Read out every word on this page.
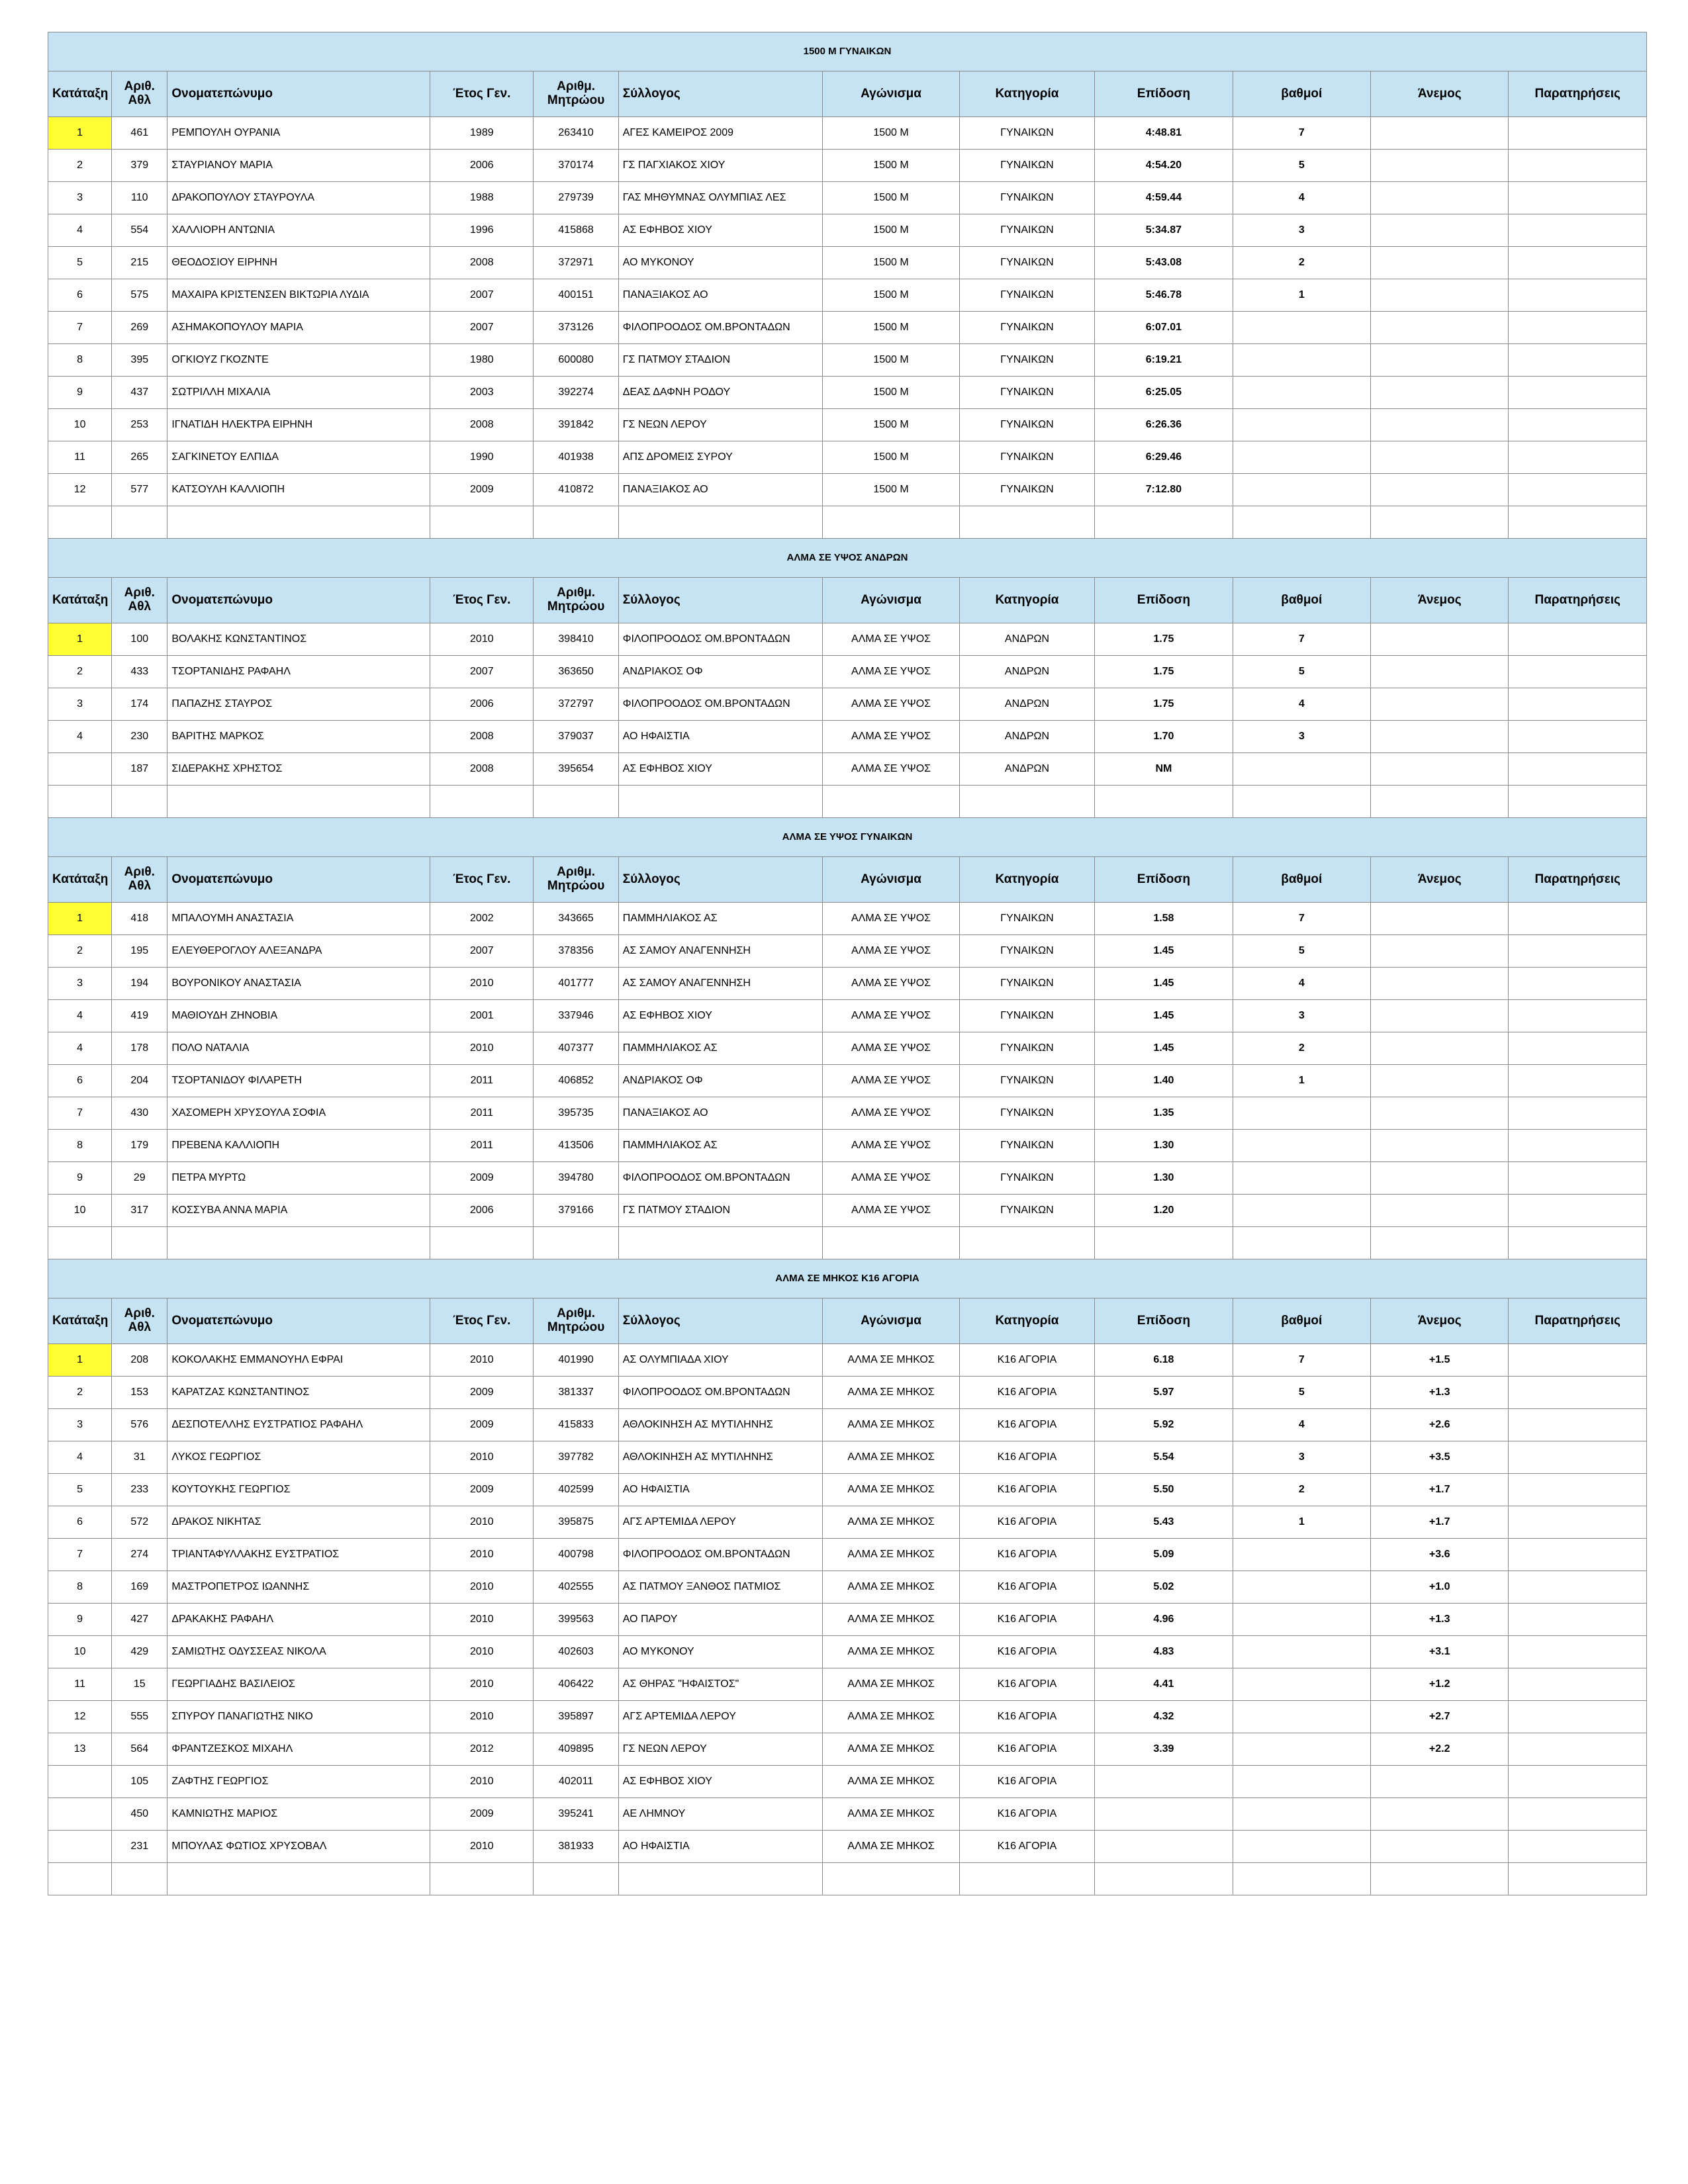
1500 Μ ΓΥΝΑΙΚΩΝ											
Κατάταξη	Αριθ. Αθλ	Ονοματεπώνυμο	Έτος Γεν.	Αριθμ. Μητρώου	Σύλλογος	Αγώνισμα	Κατηγορία	Επίδοση	βαθμοί	Άνεμος	Παρατηρήσεις
1	461	ΡΕΜΠΟΥΛΗ ΟΥΡΑΝΙΑ	1989	263410	ΑΓΕΣ ΚΑΜΕΙΡΟΣ 2009	1500 Μ	ΓΥΝΑΙΚΩΝ	4:48.81	7		
2	379	ΣΤΑΥΡΙΑΝΟΥ ΜΑΡΙΑ	2006	370174	ΓΣ ΠΑΓΧΙΑΚΟΣ ΧΙΟΥ	1500 Μ	ΓΥΝΑΙΚΩΝ	4:54.20	5		
3	110	ΔΡΑΚΟΠΟΥΛΟΥ ΣΤΑΥΡΟΥΛΑ	1988	279739	ΓΑΣ ΜΗΘΥΜΝΑΣ ΟΛΥΜΠΙΑΣ ΛΕΣ	1500 Μ	ΓΥΝΑΙΚΩΝ	4:59.44	4		
4	554	ΧΑΛΛΙΟΡΗ ΑΝΤΩΝΙΑ	1996	415868	ΑΣ ΕΦΗΒΟΣ ΧΙΟΥ	1500 Μ	ΓΥΝΑΙΚΩΝ	5:34.87	3		
5	215	ΘΕΟΔΟΣΙΟΥ ΕΙΡΗΝΗ	2008	372971	ΑΟ ΜΥΚΟΝΟΥ	1500 Μ	ΓΥΝΑΙΚΩΝ	5:43.08	2		
6	575	ΜΑΧΑΙΡΑ ΚΡΙΣΤΕΝΣΕΝ ΒΙΚΤΩΡΙΑ ΛΥΔΙΑ	2007	400151	ΠΑΝΑΞΙΑΚΟΣ ΑΟ	1500 Μ	ΓΥΝΑΙΚΩΝ	5:46.78	1		
7	269	ΑΣΗΜΑΚΟΠΟΥΛΟΥ ΜΑΡΙΑ	2007	373126	ΦΙΛΟΠΡΟΟΔΟΣ ΟΜ.ΒΡΟΝΤΑΔΩΝ	1500 Μ	ΓΥΝΑΙΚΩΝ	6:07.01			
8	395	ΟΓΚΙΟΥΖ ΓΚΟΖΝΤΕ	1980	600080	ΓΣ ΠΑΤΜΟΥ ΣΤΑΔΙΟΝ	1500 Μ	ΓΥΝΑΙΚΩΝ	6:19.21			
9	437	ΣΩΤΡΙΛΛΗ ΜΙΧΑΛΙΑ	2003	392274	ΔΕΑΣ ΔΑΦΝΗ ΡΟΔΟΥ	1500 Μ	ΓΥΝΑΙΚΩΝ	6:25.05			
10	253	ΙΓΝΑΤΙΔΗ ΗΛΕΚΤΡΑ ΕΙΡΗΝΗ	2008	391842	ΓΣ ΝΕΩΝ ΛΕΡΟΥ	1500 Μ	ΓΥΝΑΙΚΩΝ	6:26.36			
11	265	ΣΑΓΚΙΝΕΤΟΥ ΕΛΠΙΔΑ	1990	401938	ΑΠΣ ΔΡΟΜΕΙΣ ΣΥΡΟΥ	1500 Μ	ΓΥΝΑΙΚΩΝ	6:29.46			
12	577	ΚΑΤΣΟΥΛΗ ΚΑΛΛΙΟΠΗ	2009	410872	ΠΑΝΑΞΙΑΚΟΣ ΑΟ	1500 Μ	ΓΥΝΑΙΚΩΝ	7:12.80			

ΑΛΜΑ ΣΕ ΥΨΟΣ ΑΝΔΡΩΝ											
Κατάταξη	Αριθ. Αθλ	Ονοματεπώνυμο	Έτος Γεν.	Αριθμ. Μητρώου	Σύλλογος	Αγώνισμα	Κατηγορία	Επίδοση	βαθμοί	Άνεμος	Παρατηρήσεις
1	100	ΒΟΛΑΚΗΣ ΚΩΝΣΤΑΝΤΙΝΟΣ	2010	398410	ΦΙΛΟΠΡΟΟΔΟΣ ΟΜ.ΒΡΟΝΤΑΔΩΝ	ΑΛΜΑ ΣΕ ΥΨΟΣ	ΑΝΔΡΩΝ	1.75	7		
2	433	ΤΣΟΡΤΑΝΙΔΗΣ ΡΑΦΑΗΛ	2007	363650	ΑΝΔΡΙΑΚΟΣ ΟΦ	ΑΛΜΑ ΣΕ ΥΨΟΣ	ΑΝΔΡΩΝ	1.75	5		
3	174	ΠΑΠΑΖΗΣ ΣΤΑΥΡΟΣ	2006	372797	ΦΙΛΟΠΡΟΟΔΟΣ ΟΜ.ΒΡΟΝΤΑΔΩΝ	ΑΛΜΑ ΣΕ ΥΨΟΣ	ΑΝΔΡΩΝ	1.75	4		
4	230	ΒΑΡΙΤΗΣ ΜΑΡΚΟΣ	2008	379037	ΑΟ ΗΦΑΙΣΤΙΑ	ΑΛΜΑ ΣΕ ΥΨΟΣ	ΑΝΔΡΩΝ	1.70	3		
	187	ΣΙΔΕΡΑΚΗΣ ΧΡΗΣΤΟΣ	2008	395654	ΑΣ ΕΦΗΒΟΣ ΧΙΟΥ	ΑΛΜΑ ΣΕ ΥΨΟΣ	ΑΝΔΡΩΝ	NM			

ΑΛΜΑ ΣΕ ΥΨΟΣ ΓΥΝΑΙΚΩΝ											
Κατάταξη	Αριθ. Αθλ	Ονοματεπώνυμο	Έτος Γεν.	Αριθμ. Μητρώου	Σύλλογος	Αγώνισμα	Κατηγορία	Επίδοση	βαθμοί	Άνεμος	Παρατηρήσεις
1	418	ΜΠΑΛΟΥΜΗ ΑΝΑΣΤΑΣΙΑ	2002	343665	ΠΑΜΜΗΛΙΑΚΟΣ ΑΣ	ΑΛΜΑ ΣΕ ΥΨΟΣ	ΓΥΝΑΙΚΩΝ	1.58	7		
2	195	ΕΛΕΥΘΕΡΟΓΛΟΥ ΑΛΕΞΑΝΔΡΑ	2007	378356	ΑΣ ΣΑΜΟΥ ΑΝΑΓΕΝΝΗΣΗ	ΑΛΜΑ ΣΕ ΥΨΟΣ	ΓΥΝΑΙΚΩΝ	1.45	5		
3	194	ΒΟΥΡΟΝΙΚΟΥ ΑΝΑΣΤΑΣΙΑ	2010	401777	ΑΣ ΣΑΜΟΥ ΑΝΑΓΕΝΝΗΣΗ	ΑΛΜΑ ΣΕ ΥΨΟΣ	ΓΥΝΑΙΚΩΝ	1.45	4		
4	419	ΜΑΘΙΟΥΔΗ ΖΗΝΟΒΙΑ	2001	337946	ΑΣ ΕΦΗΒΟΣ ΧΙΟΥ	ΑΛΜΑ ΣΕ ΥΨΟΣ	ΓΥΝΑΙΚΩΝ	1.45	3		
4	178	ΠΟΛΟ ΝΑΤΑΛΙΑ	2010	407377	ΠΑΜΜΗΛΙΑΚΟΣ ΑΣ	ΑΛΜΑ ΣΕ ΥΨΟΣ	ΓΥΝΑΙΚΩΝ	1.45	2		
6	204	ΤΣΟΡΤΑΝΙΔΟΥ ΦΙΛΑΡΕΤΗ	2011	406852	ΑΝΔΡΙΑΚΟΣ ΟΦ	ΑΛΜΑ ΣΕ ΥΨΟΣ	ΓΥΝΑΙΚΩΝ	1.40	1		
7	430	ΧΑΣΟΜΕΡΗ ΧΡΥΣΟΥΛΑ ΣΟΦΙΑ	2011	395735	ΠΑΝΑΞΙΑΚΟΣ ΑΟ	ΑΛΜΑ ΣΕ ΥΨΟΣ	ΓΥΝΑΙΚΩΝ	1.35			
8	179	ΠΡΕΒΕΝΑ ΚΑΛΛΙΟΠΗ	2011	413506	ΠΑΜΜΗΛΙΑΚΟΣ ΑΣ	ΑΛΜΑ ΣΕ ΥΨΟΣ	ΓΥΝΑΙΚΩΝ	1.30			
9	29	ΠΕΤΡΑ ΜΥΡΤΩ	2009	394780	ΦΙΛΟΠΡΟΟΔΟΣ ΟΜ.ΒΡΟΝΤΑΔΩΝ	ΑΛΜΑ ΣΕ ΥΨΟΣ	ΓΥΝΑΙΚΩΝ	1.30			
10	317	ΚΟΣΣΥΒΑ ΑΝΝΑ ΜΑΡΙΑ	2006	379166	ΓΣ ΠΑΤΜΟΥ ΣΤΑΔΙΟΝ	ΑΛΜΑ ΣΕ ΥΨΟΣ	ΓΥΝΑΙΚΩΝ	1.20			

ΑΛΜΑ ΣΕ ΜΗΚΟΣ Κ16 ΑΓΟΡΙΑ											
Κατάταξη	Αριθ. Αθλ	Ονοματεπώνυμο	Έτος Γεν.	Αριθμ. Μητρώου	Σύλλογος	Αγώνισμα	Κατηγορία	Επίδοση	βαθμοί	Άνεμος	Παρατηρήσεις
1	208	ΚΟΚΟΛΑΚΗΣ ΕΜΜΑΝΟΥΗΛ ΕΦΡΑΙ	2010	401990	ΑΣ ΟΛΥΜΠΙΑΔΑ ΧΙΟΥ	ΑΛΜΑ ΣΕ ΜΗΚΟΣ	Κ16 ΑΓΟΡΙΑ	6.18	7	+1.5	
2	153	ΚΑΡΑΤΖΑΣ ΚΩΝΣΤΑΝΤΙΝΟΣ	2009	381337	ΦΙΛΟΠΡΟΟΔΟΣ ΟΜ.ΒΡΟΝΤΑΔΩΝ	ΑΛΜΑ ΣΕ ΜΗΚΟΣ	Κ16 ΑΓΟΡΙΑ	5.97	5	+1.3	
3	576	ΔΕΣΠΟΤΕΛΛΗΣ ΕΥΣΤΡΑΤΙΟΣ ΡΑΦΑΗΛ	2009	415833	ΑΘΛΟΚΙΝΗΣΗ ΑΣ ΜΥΤΙΛΗΝΗΣ	ΑΛΜΑ ΣΕ ΜΗΚΟΣ	Κ16 ΑΓΟΡΙΑ	5.92	4	+2.6	
4	31	ΛΥΚΟΣ ΓΕΩΡΓΙΟΣ	2010	397782	ΑΘΛΟΚΙΝΗΣΗ ΑΣ ΜΥΤΙΛΗΝΗΣ	ΑΛΜΑ ΣΕ ΜΗΚΟΣ	Κ16 ΑΓΟΡΙΑ	5.54	3	+3.5	
5	233	ΚΟΥΤΟΥΚΗΣ ΓΕΩΡΓΙΟΣ	2009	402599	ΑΟ ΗΦΑΙΣΤΙΑ	ΑΛΜΑ ΣΕ ΜΗΚΟΣ	Κ16 ΑΓΟΡΙΑ	5.50	2	+1.7	
6	572	ΔΡΑΚΟΣ ΝΙΚΗΤΑΣ	2010	395875	ΑΓΣ ΑΡΤΕΜΙΔΑ ΛΕΡΟΥ	ΑΛΜΑ ΣΕ ΜΗΚΟΣ	Κ16 ΑΓΟΡΙΑ	5.43	1	+1.7	
7	274	ΤΡΙΑΝΤΑΦΥΛΛΑΚΗΣ ΕΥΣΤΡΑΤΙΟΣ	2010	400798	ΦΙΛΟΠΡΟΟΔΟΣ ΟΜ.ΒΡΟΝΤΑΔΩΝ	ΑΛΜΑ ΣΕ ΜΗΚΟΣ	Κ16 ΑΓΟΡΙΑ	5.09		+3.6	
8	169	ΜΑΣΤΡΟΠΕΤΡΟΣ ΙΩΑΝΝΗΣ	2010	402555	ΑΣ ΠΑΤΜΟΥ ΞΑΝΘΟΣ ΠΑΤΜΙΟΣ	ΑΛΜΑ ΣΕ ΜΗΚΟΣ	Κ16 ΑΓΟΡΙΑ	5.02		+1.0	
9	427	ΔΡΑΚΑΚΗΣ ΡΑΦΑΗΛ	2010	399563	ΑΟ ΠΑΡΟΥ	ΑΛΜΑ ΣΕ ΜΗΚΟΣ	Κ16 ΑΓΟΡΙΑ	4.96		+1.3	
10	429	ΣΑΜΙΩΤΗΣ ΟΔΥΣΣΕΑΣ ΝΙΚΟΛΑ	2010	402603	ΑΟ ΜΥΚΟΝΟΥ	ΑΛΜΑ ΣΕ ΜΗΚΟΣ	Κ16 ΑΓΟΡΙΑ	4.83		+3.1	
11	15	ΓΕΩΡΓΙΑΔΗΣ ΒΑΣΙΛΕΙΟΣ	2010	406422	ΑΣ ΘΗΡΑΣ "ΗΦΑΙΣΤΟΣ"	ΑΛΜΑ ΣΕ ΜΗΚΟΣ	Κ16 ΑΓΟΡΙΑ	4.41		+1.2	
12	555	ΣΠΥΡΟΥ ΠΑΝΑΓΙΩΤΗΣ ΝΙΚΟ	2010	395897	ΑΓΣ ΑΡΤΕΜΙΔΑ ΛΕΡΟΥ	ΑΛΜΑ ΣΕ ΜΗΚΟΣ	Κ16 ΑΓΟΡΙΑ	4.32		+2.7	
13	564	ΦΡΑΝΤΖΕΣΚΟΣ ΜΙΧΑΗΛ	2012	409895	ΓΣ ΝΕΩΝ ΛΕΡΟΥ	ΑΛΜΑ ΣΕ ΜΗΚΟΣ	Κ16 ΑΓΟΡΙΑ	3.39		+2.2	
	105	ΖΑΦΤΗΣ ΓΕΩΡΓΙΟΣ	2010	402011	ΑΣ ΕΦΗΒΟΣ ΧΙΟΥ	ΑΛΜΑ ΣΕ ΜΗΚΟΣ	Κ16 ΑΓΟΡΙΑ				
	450	ΚΑΜΝΙΩΤΗΣ ΜΑΡΙΟΣ	2009	395241	ΑΕ ΛΗΜΝΟΥ	ΑΛΜΑ ΣΕ ΜΗΚΟΣ	Κ16 ΑΓΟΡΙΑ				
	231	ΜΠΟΥΛΑΣ ΦΩΤΙΟΣ ΧΡΥΣΟΒΑΛ	2010	381933	ΑΟ ΗΦΑΙΣΤΙΑ	ΑΛΜΑ ΣΕ ΜΗΚΟΣ	Κ16 ΑΓΟΡΙΑ				
